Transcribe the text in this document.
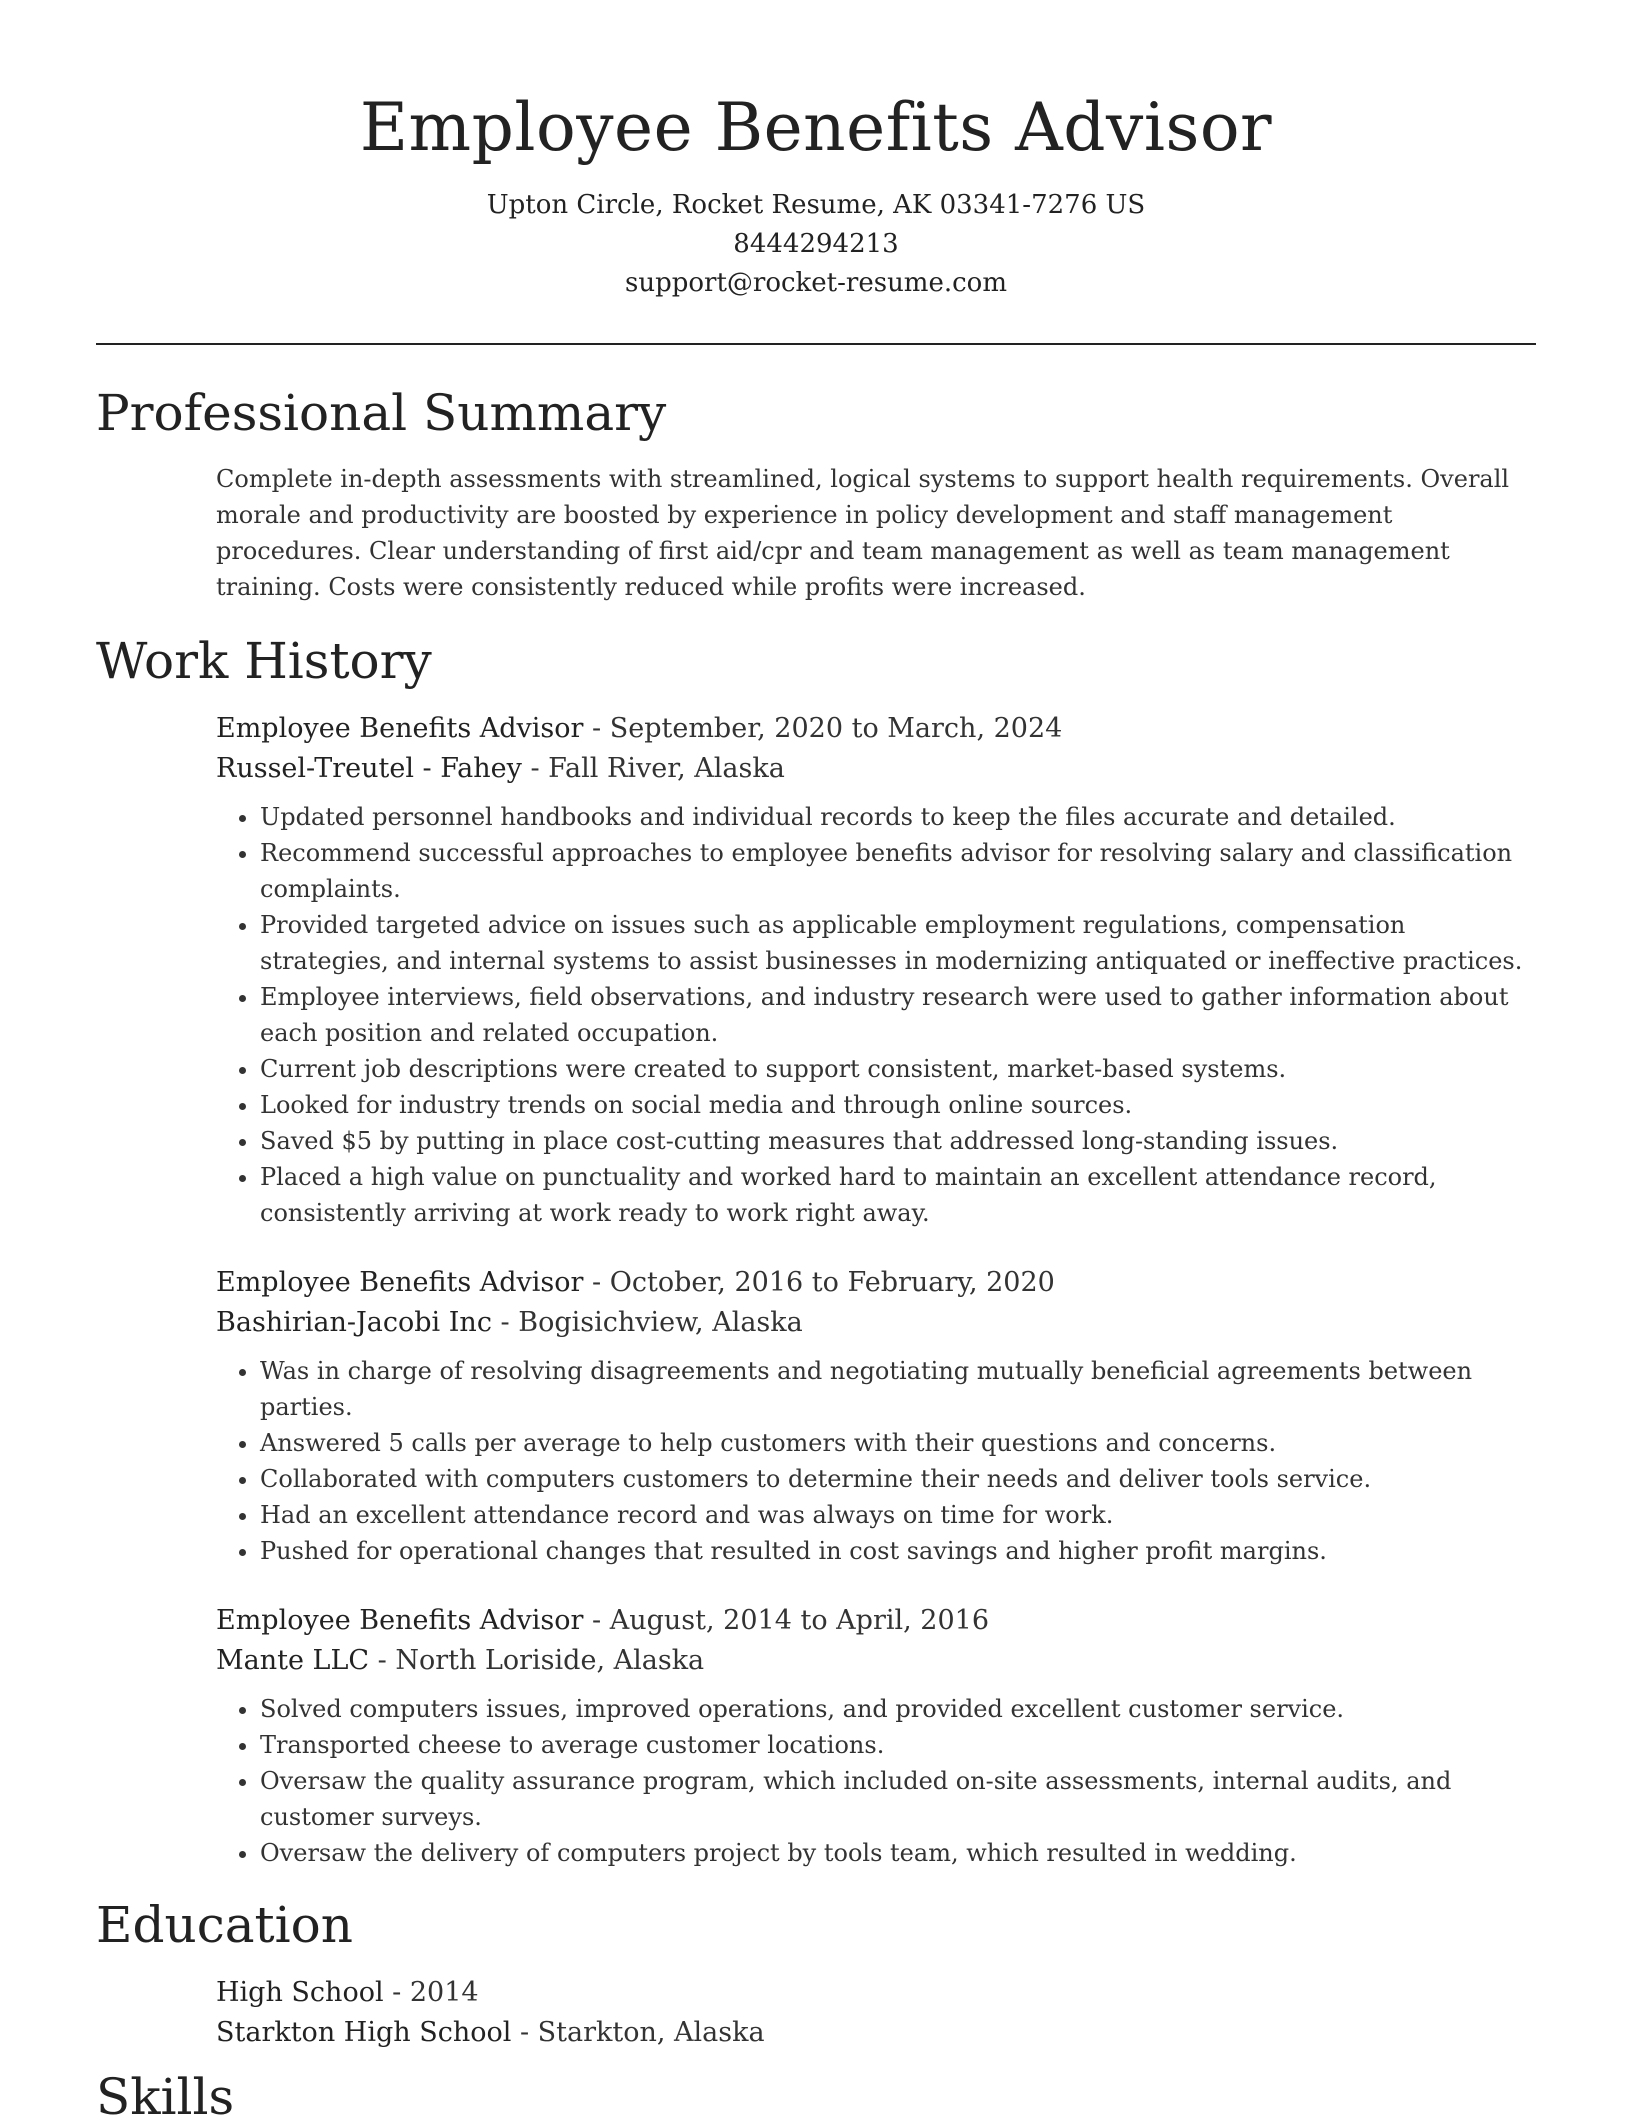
Employee Benefits Advisor
Upton Circle, Rocket Resume, AK 03341-7276 US
8444294213
support@rocket-resume.com
Professional Summary
Complete in-depth assessments with streamlined, logical systems to support health requirements. Overall morale and productivity are boosted by experience in policy development and staff management procedures. Clear understanding of first aid/cpr and team management as well as team management training. Costs were consistently reduced while profits were increased.
Work History
Employee Benefits Advisor - September, 2020 to March, 2024
Russel-Treutel - Fahey - Fall River, Alaska
• Updated personnel handbooks and individual records to keep the files accurate and detailed.
• Recommend successful approaches to employee benefits advisor for resolving salary and classification complaints.
• Provided targeted advice on issues such as applicable employment regulations, compensation strategies, and internal systems to assist businesses in modernizing antiquated or ineffective practices.
• Employee interviews, field observations, and industry research were used to gather information about each position and related occupation.
• Current job descriptions were created to support consistent, market-based systems.
• Looked for industry trends on social media and through online sources.
• Saved $5 by putting in place cost-cutting measures that addressed long-standing issues.
• Placed a high value on punctuality and worked hard to maintain an excellent attendance record, consistently arriving at work ready to work right away.
Employee Benefits Advisor - October, 2016 to February, 2020
Bashirian-Jacobi Inc - Bogisichview, Alaska
• Was in charge of resolving disagreements and negotiating mutually beneficial agreements between parties.
• Answered 5 calls per average to help customers with their questions and concerns.
• Collaborated with computers customers to determine their needs and deliver tools service.
• Had an excellent attendance record and was always on time for work.
• Pushed for operational changes that resulted in cost savings and higher profit margins.
Employee Benefits Advisor - August, 2014 to April, 2016
Mante LLC - North Loriside, Alaska
• Solved computers issues, improved operations, and provided excellent customer service.
• Transported cheese to average customer locations.
• Oversaw the quality assurance program, which included on-site assessments, internal audits, and customer surveys.
• Oversaw the delivery of computers project by tools team, which resulted in wedding.
Education
High School - 2014
Starkton High School - Starkton, Alaska
Skills
